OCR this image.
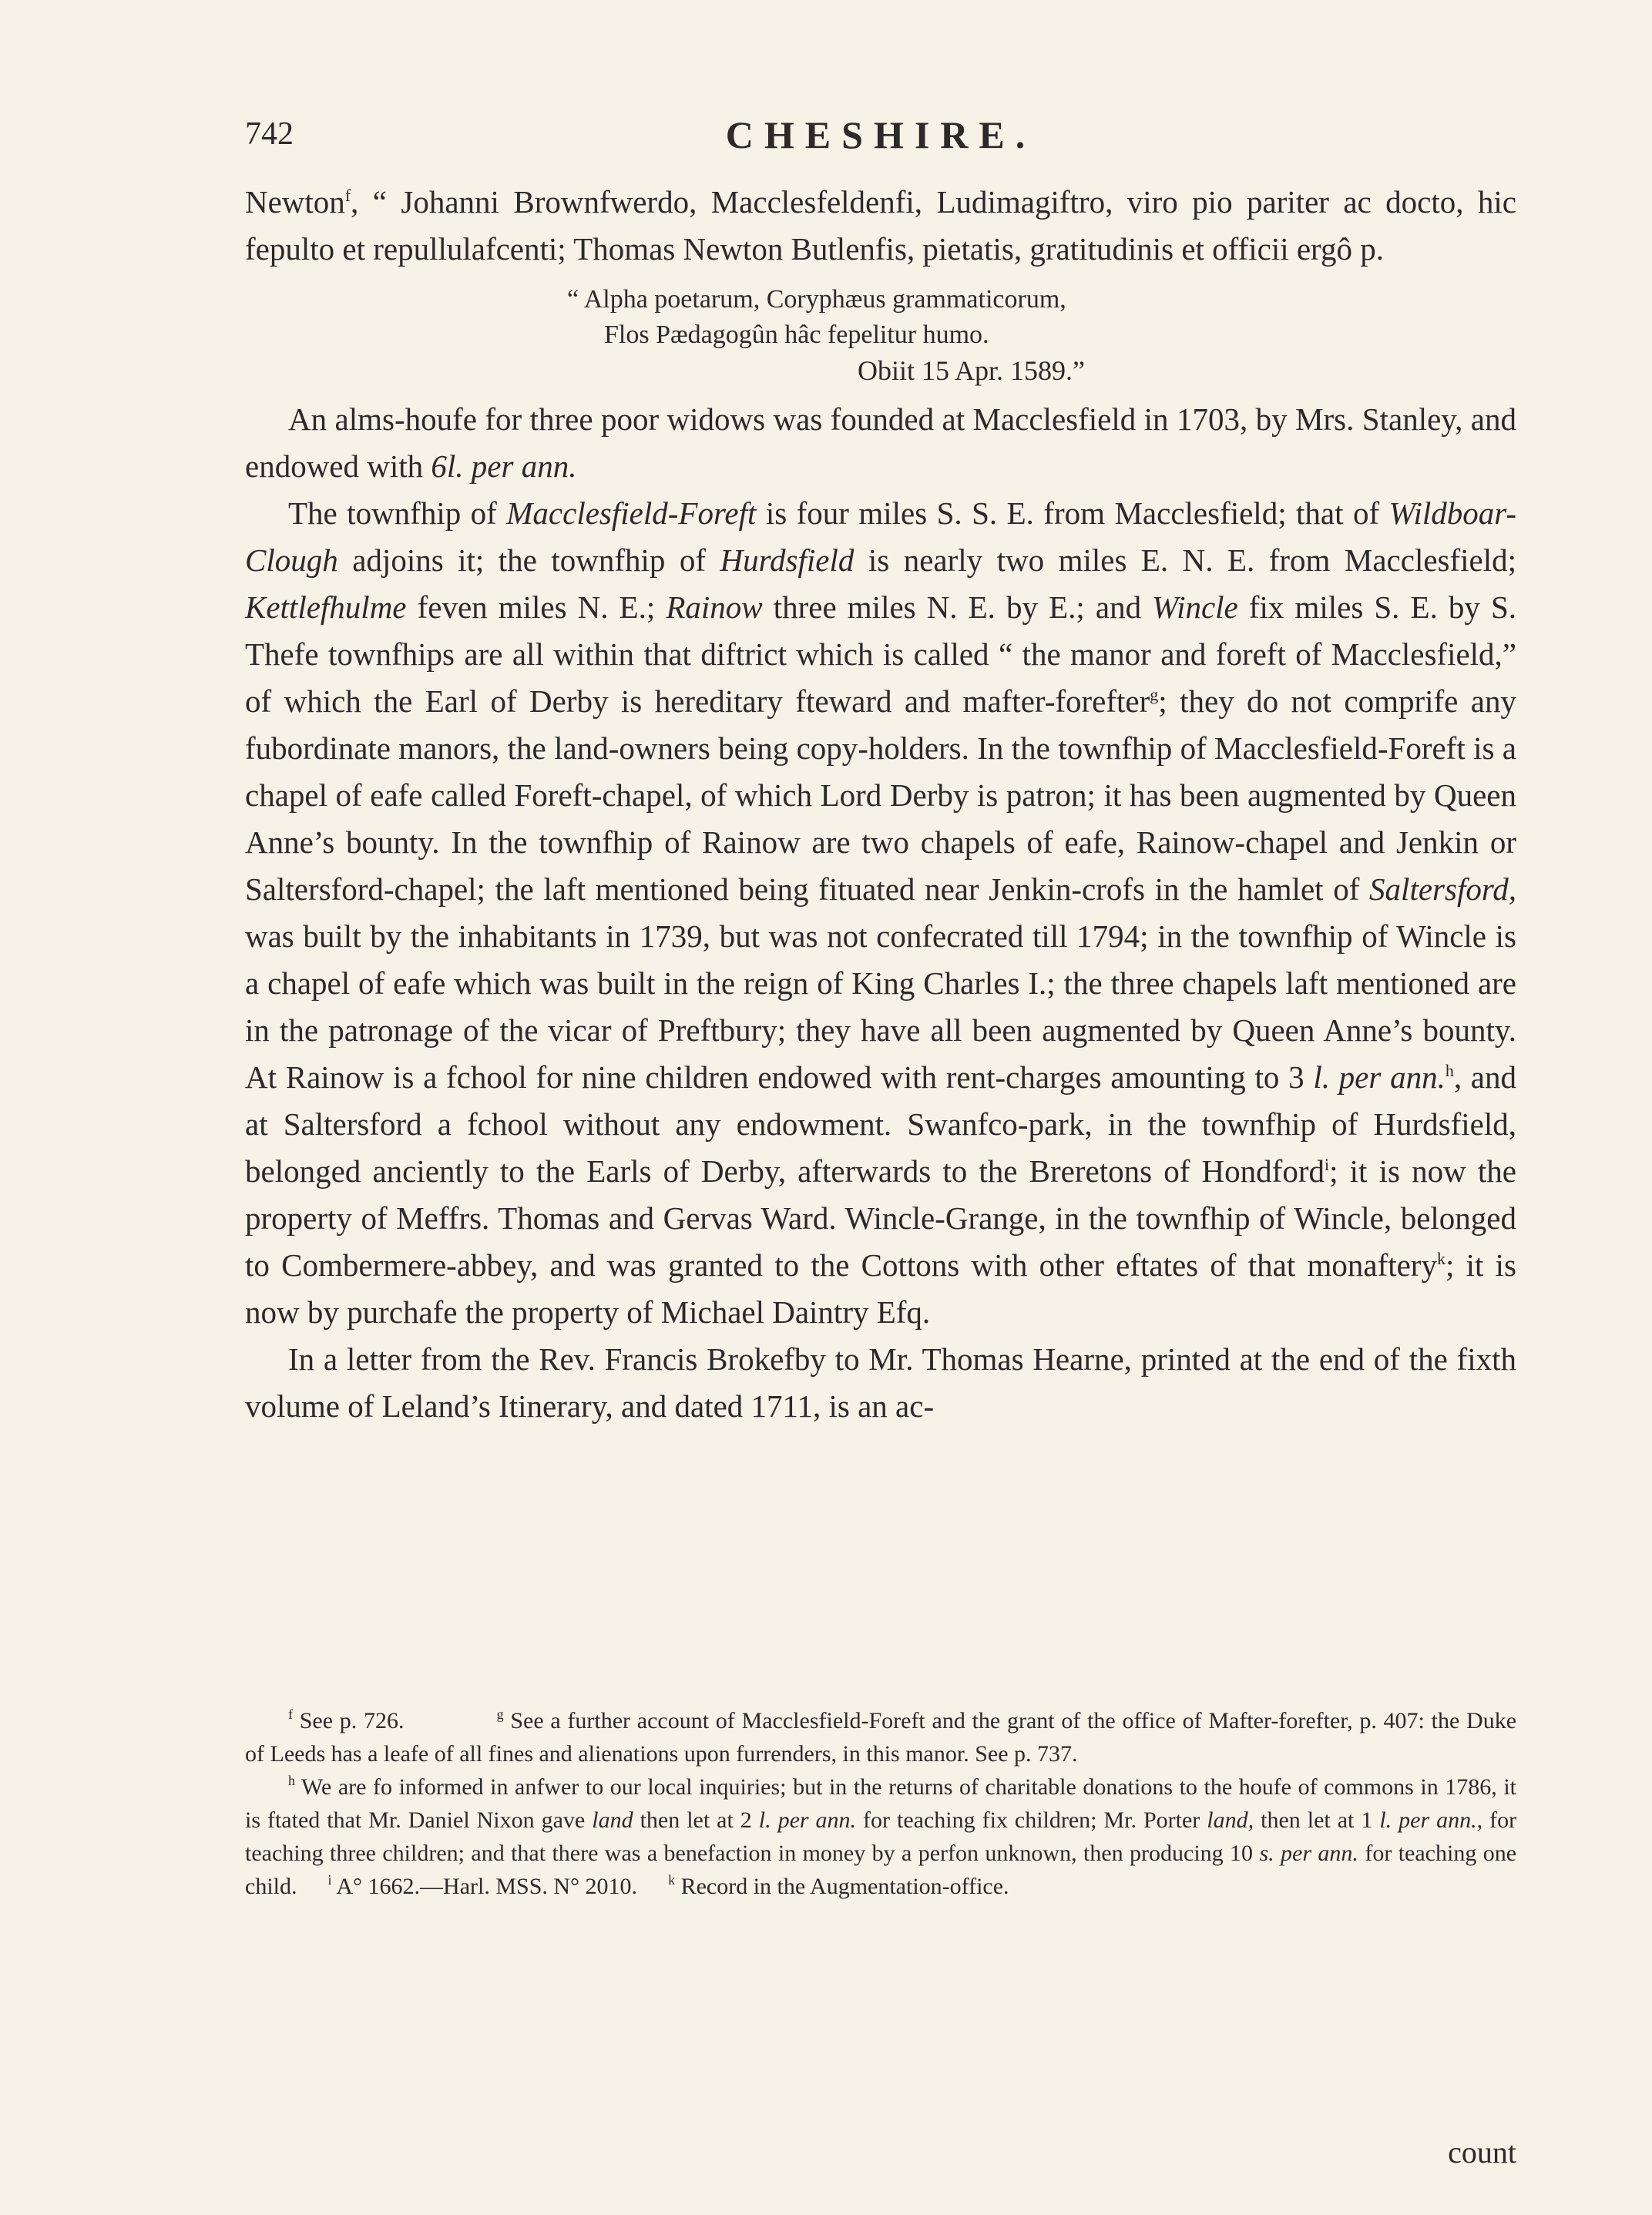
742	CHESHIRE.

Newton$^f$, “ Johanni Brownfwerdo, Macclesfeldenfi, Ludimagiftro, viro pio pariter ac docto, hic fepulto et repullulafcenti; Thomas Newton Butlenfis, pietatis, gratitudinis et officii ergô p.

“ Alpha poetarum, Coryphæus grammaticorum,
Flos Pædagogûn hâc fepelitur humo.
Obiit 15 Apr. 1589.”

An alms-houfe for three poor widows was founded at Macclesfield in 1703, by Mrs. Stanley, and endowed with 6l. per ann.

The townfhip of Macclesfield-Foreft is four miles S. S. E. from Macclesfield; that of Wildboar-Clough adjoins it; the townfhip of Hurdsfield is nearly two miles E. N. E. from Macclesfield; Kettlefhulme feven miles N. E.; Rainow three miles N. E. by E.; and Wincle fix miles S. E. by S. Thefe townfhips are all within that diftrict which is called “ the manor and foreft of Macclesfield,” of which the Earl of Derby is hereditary fteward and mafter-forefter$^g$; they do not comprife any fubordinate manors, the land-owners being copy-holders. In the townfhip of Macclesfield-Foreft is a chapel of eafe called Foreft-chapel, of which Lord Derby is patron; it has been augmented by Queen Anne’s bounty. In the townfhip of Rainow are two chapels of eafe, Rainow-chapel and Jenkin or Saltersford-chapel; the laft mentioned being fituated near Jenkin-crofs in the hamlet of Saltersford, was built by the inhabitants in 1739, but was not confecrated till 1794; in the townfhip of Wincle is a chapel of eafe which was built in the reign of King Charles I.; the three chapels laft mentioned are in the patronage of the vicar of Preftbury; they have all been augmented by Queen Anne’s bounty. At Rainow is a fchool for nine children endowed with rent-charges amounting to 3 l. per ann.$^h$, and at Saltersford a fchool without any endowment. Swanfco-park, in the townfhip of Hurdsfield, belonged anciently to the Earls of Derby, afterwards to the Breretons of Hondford$^i$; it is now the property of Meffrs. Thomas and Gervas Ward. Wincle-Grange, in the townfhip of Wincle, belonged to Combermere-abbey, and was granted to the Cottons with other eftates of that monaftery$^k$; it is now by purchafe the property of Michael Daintry Efq.

In a letter from the Rev. Francis Brokefby to Mr. Thomas Hearne, printed at the end of the fixth volume of Leland’s Itinerary, and dated 1711, is an ac-

$^f$ See p. 726.	$^g$ See a further account of Macclesfield-Foreft and the grant of the office of Mafter-forefter, p. 407: the Duke of Leeds has a leafe of all fines and alienations upon furrenders, in this manor. See p. 737.

$^h$ We are fo informed in anfwer to our local inquiries; but in the returns of charitable donations to the houfe of commons in 1786, it is ftated that Mr. Daniel Nixon gave land then let at 2 l. per ann. for teaching fix children; Mr. Porter land, then let at 1 l. per ann., for teaching three children; and that there was a benefaction in money by a perfon unknown, then producing 10 s. per ann. for teaching one child. $^i$ A° 1662.—Harl. MSS. N° 2010. $^k$ Record in the Augmentation-office.

count
